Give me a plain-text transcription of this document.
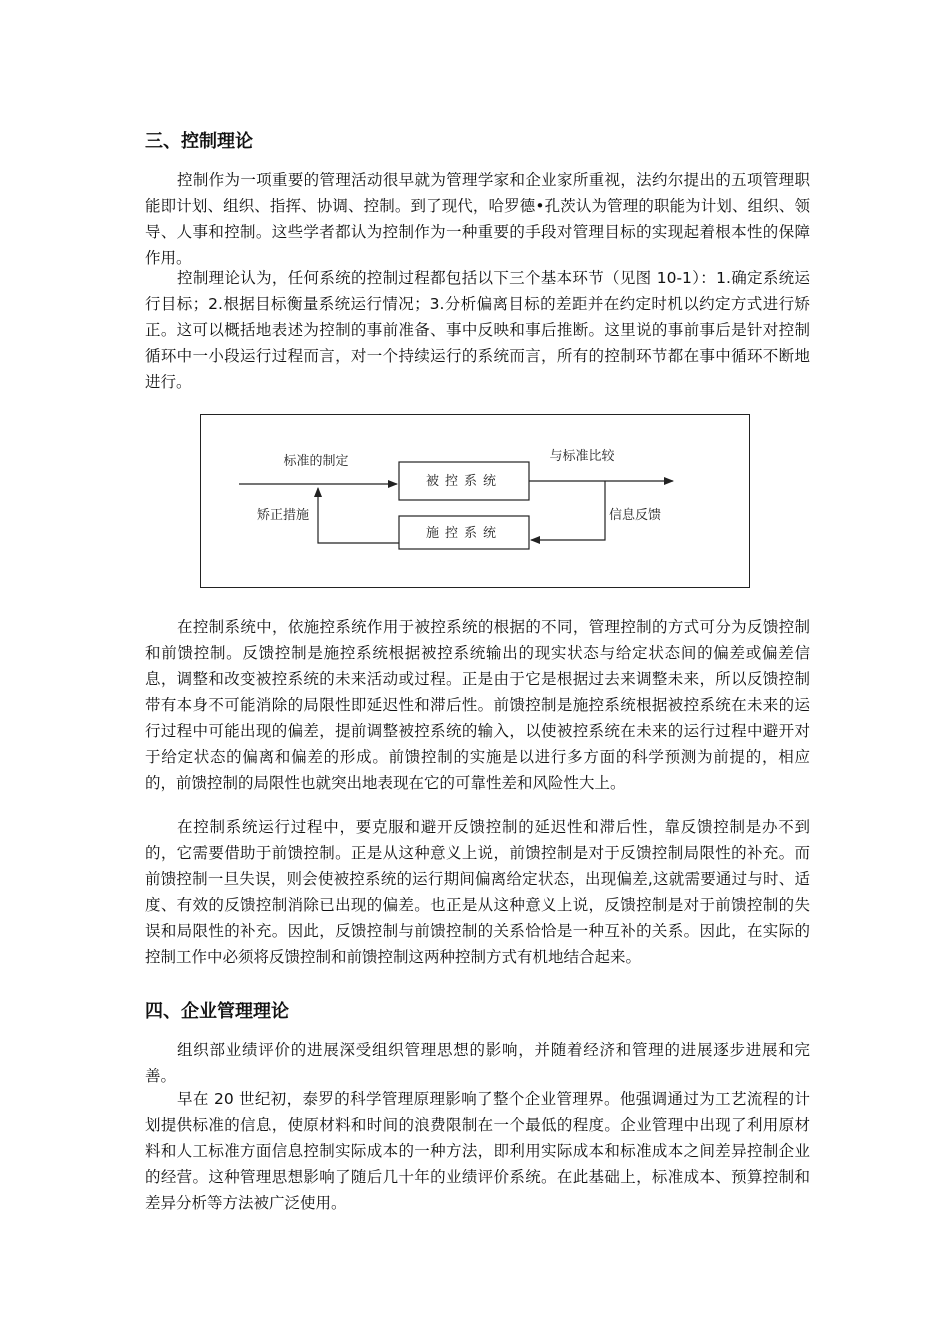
三、控制理论

控制作为一项重要的管理活动很早就为管理学家和企业家所重视，法约尔提出的五项管理职能即计划、组织、指挥、协调、控制。到了现代，哈罗德•孔茨认为管理的职能为计划、组织、领导、人事和控制。这些学者都认为控制作为一种重要的手段对管理目标的实现起着根本性的保障作用。

控制理论认为，任何系统的控制过程都包括以下三个基本环节（见图 10-1）：1.确定系统运行目标；2.根据目标衡量系统运行情况；3.分析偏离目标的差距并在约定时机以约定方式进行矫正。这可以概括地表述为控制的事前准备、事中反映和事后推断。这里说的事前事后是针对控制循环中一小段运行过程而言，对一个持续运行的系统而言，所有的控制环节都在事中循环不断地进行。

被控系统
施控系统
标准的制定	与标准比较
信息反馈
矫正措施

在控制系统中，依施控系统作用于被控系统的根据的不同，管理控制的方式可分为反馈控制和前馈控制。反馈控制是施控系统根据被控系统输出的现实状态与给定状态间的偏差或偏差信息，调整和改变被控系统的未来活动或过程。正是由于它是根据过去来调整未来，所以反馈控制带有本身不可能消除的局限性即延迟性和滞后性。前馈控制是施控系统根据被控系统在未来的运行过程中可能出现的偏差，提前调整被控系统的输入，以使被控系统在未来的运行过程中避开对于给定状态的偏离和偏差的形成。前馈控制的实施是以进行多方面的科学预测为前提的，相应的，前馈控制的局限性也就突出地表现在它的可靠性差和风险性大上。

在控制系统运行过程中，要克服和避开反馈控制的延迟性和滞后性，靠反馈控制是办不到的，它需要借助于前馈控制。正是从这种意义上说，前馈控制是对于反馈控制局限性的补充。而前馈控制一旦失误，则会使被控系统的运行期间偏离给定状态，出现偏差,这就需要通过与时、适度、有效的反馈控制消除已出现的偏差。也正是从这种意义上说，反馈控制是对于前馈控制的失误和局限性的补充。因此，反馈控制与前馈控制的关系恰恰是一种互补的关系。因此，在实际的控制工作中必须将反馈控制和前馈控制这两种控制方式有机地结合起来。

四、企业管理理论

组织部业绩评价的进展深受组织管理思想的影响，并随着经济和管理的进展逐步进展和完善。

早在 20 世纪初，泰罗的科学管理原理影响了整个企业管理界。他强调通过为工艺流程的计划提供标准的信息，使原材料和时间的浪费限制在一个最低的程度。企业管理中出现了利用原材料和人工标准方面信息控制实际成本的一种方法，即利用实际成本和标准成本之间差异控制企业的经营。这种管理思想影响了随后几十年的业绩评价系统。在此基础上，标准成本、预算控制和差异分析等方法被广泛使用。
